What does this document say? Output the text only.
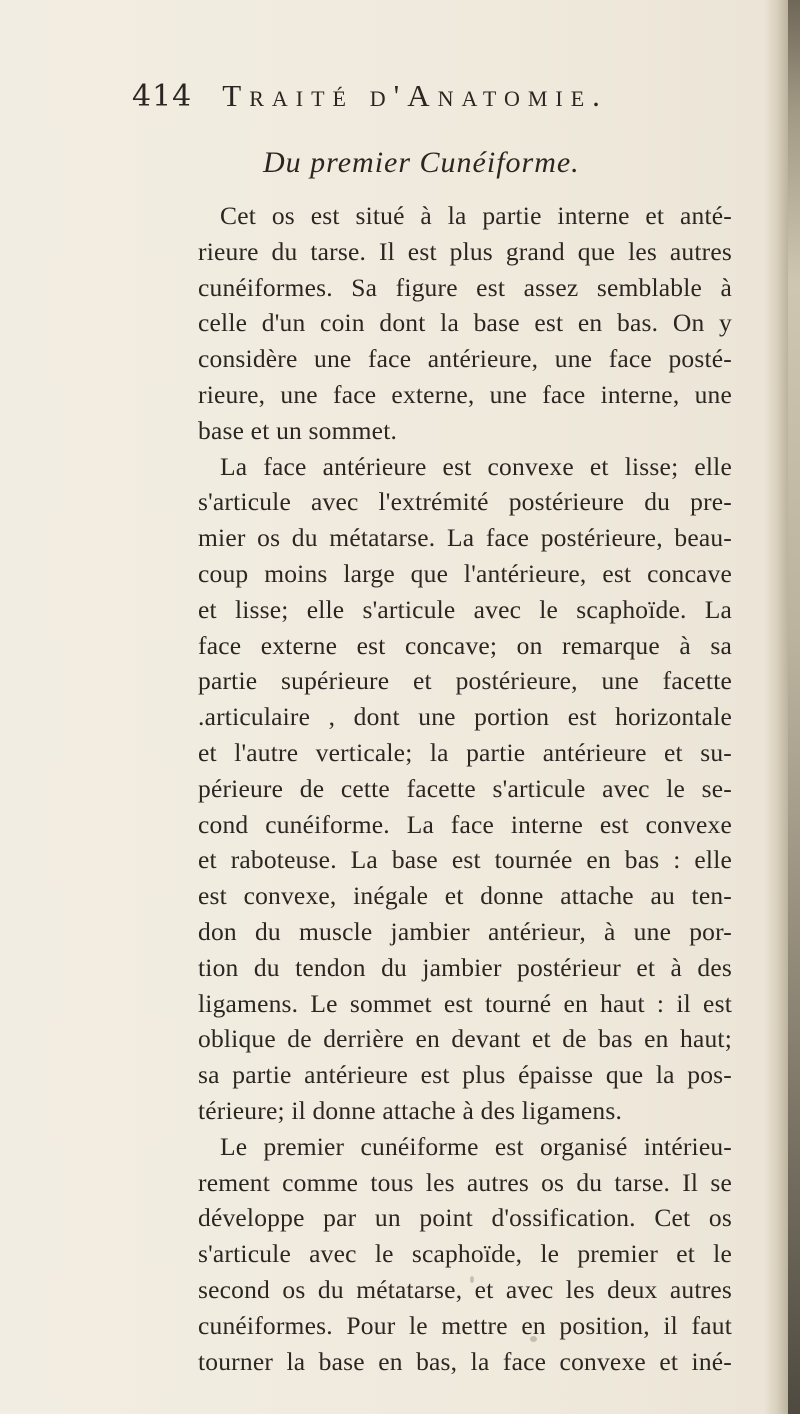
414 Traité d'Anatomie.
Du premier Cunéiforme.
Cet os est situé à la partie interne et anté-
rieure du tarse. Il est plus grand que les autres
cunéiformes. Sa figure est assez semblable à
celle d'un coin dont la base est en bas. On y
considère une face antérieure, une face posté-
rieure, une face externe, une face interne, une
base et un sommet.
La face antérieure est convexe et lisse; elle
s'articule avec l'extrémité postérieure du pre-
mier os du métatarse. La face postérieure, beau-
coup moins large que l'antérieure, est concave
et lisse; elle s'articule avec le scaphoïde. La
face externe est concave; on remarque à sa
partie supérieure et postérieure, une facette
.articulaire , dont une portion est horizontale
et l'autre verticale; la partie antérieure et su-
périeure de cette facette s'articule avec le se-
cond cunéiforme. La face interne est convexe
et raboteuse. La base est tournée en bas : elle
est convexe, inégale et donne attache au ten-
don du muscle jambier antérieur, à une por-
tion du tendon du jambier postérieur et à des
ligamens. Le sommet est tourné en haut : il est
oblique de derrière en devant et de bas en haut;
sa partie antérieure est plus épaisse que la pos-
térieure; il donne attache à des ligamens.
Le premier cunéiforme est organisé intérieu-
rement comme tous les autres os du tarse. Il se
développe par un point d'ossification. Cet os
s'articule avec le scaphoïde, le premier et le
second os du métatarse, et avec les deux autres
cunéiformes. Pour le mettre en position, il faut
tourner la base en bas, la face convexe et iné-
